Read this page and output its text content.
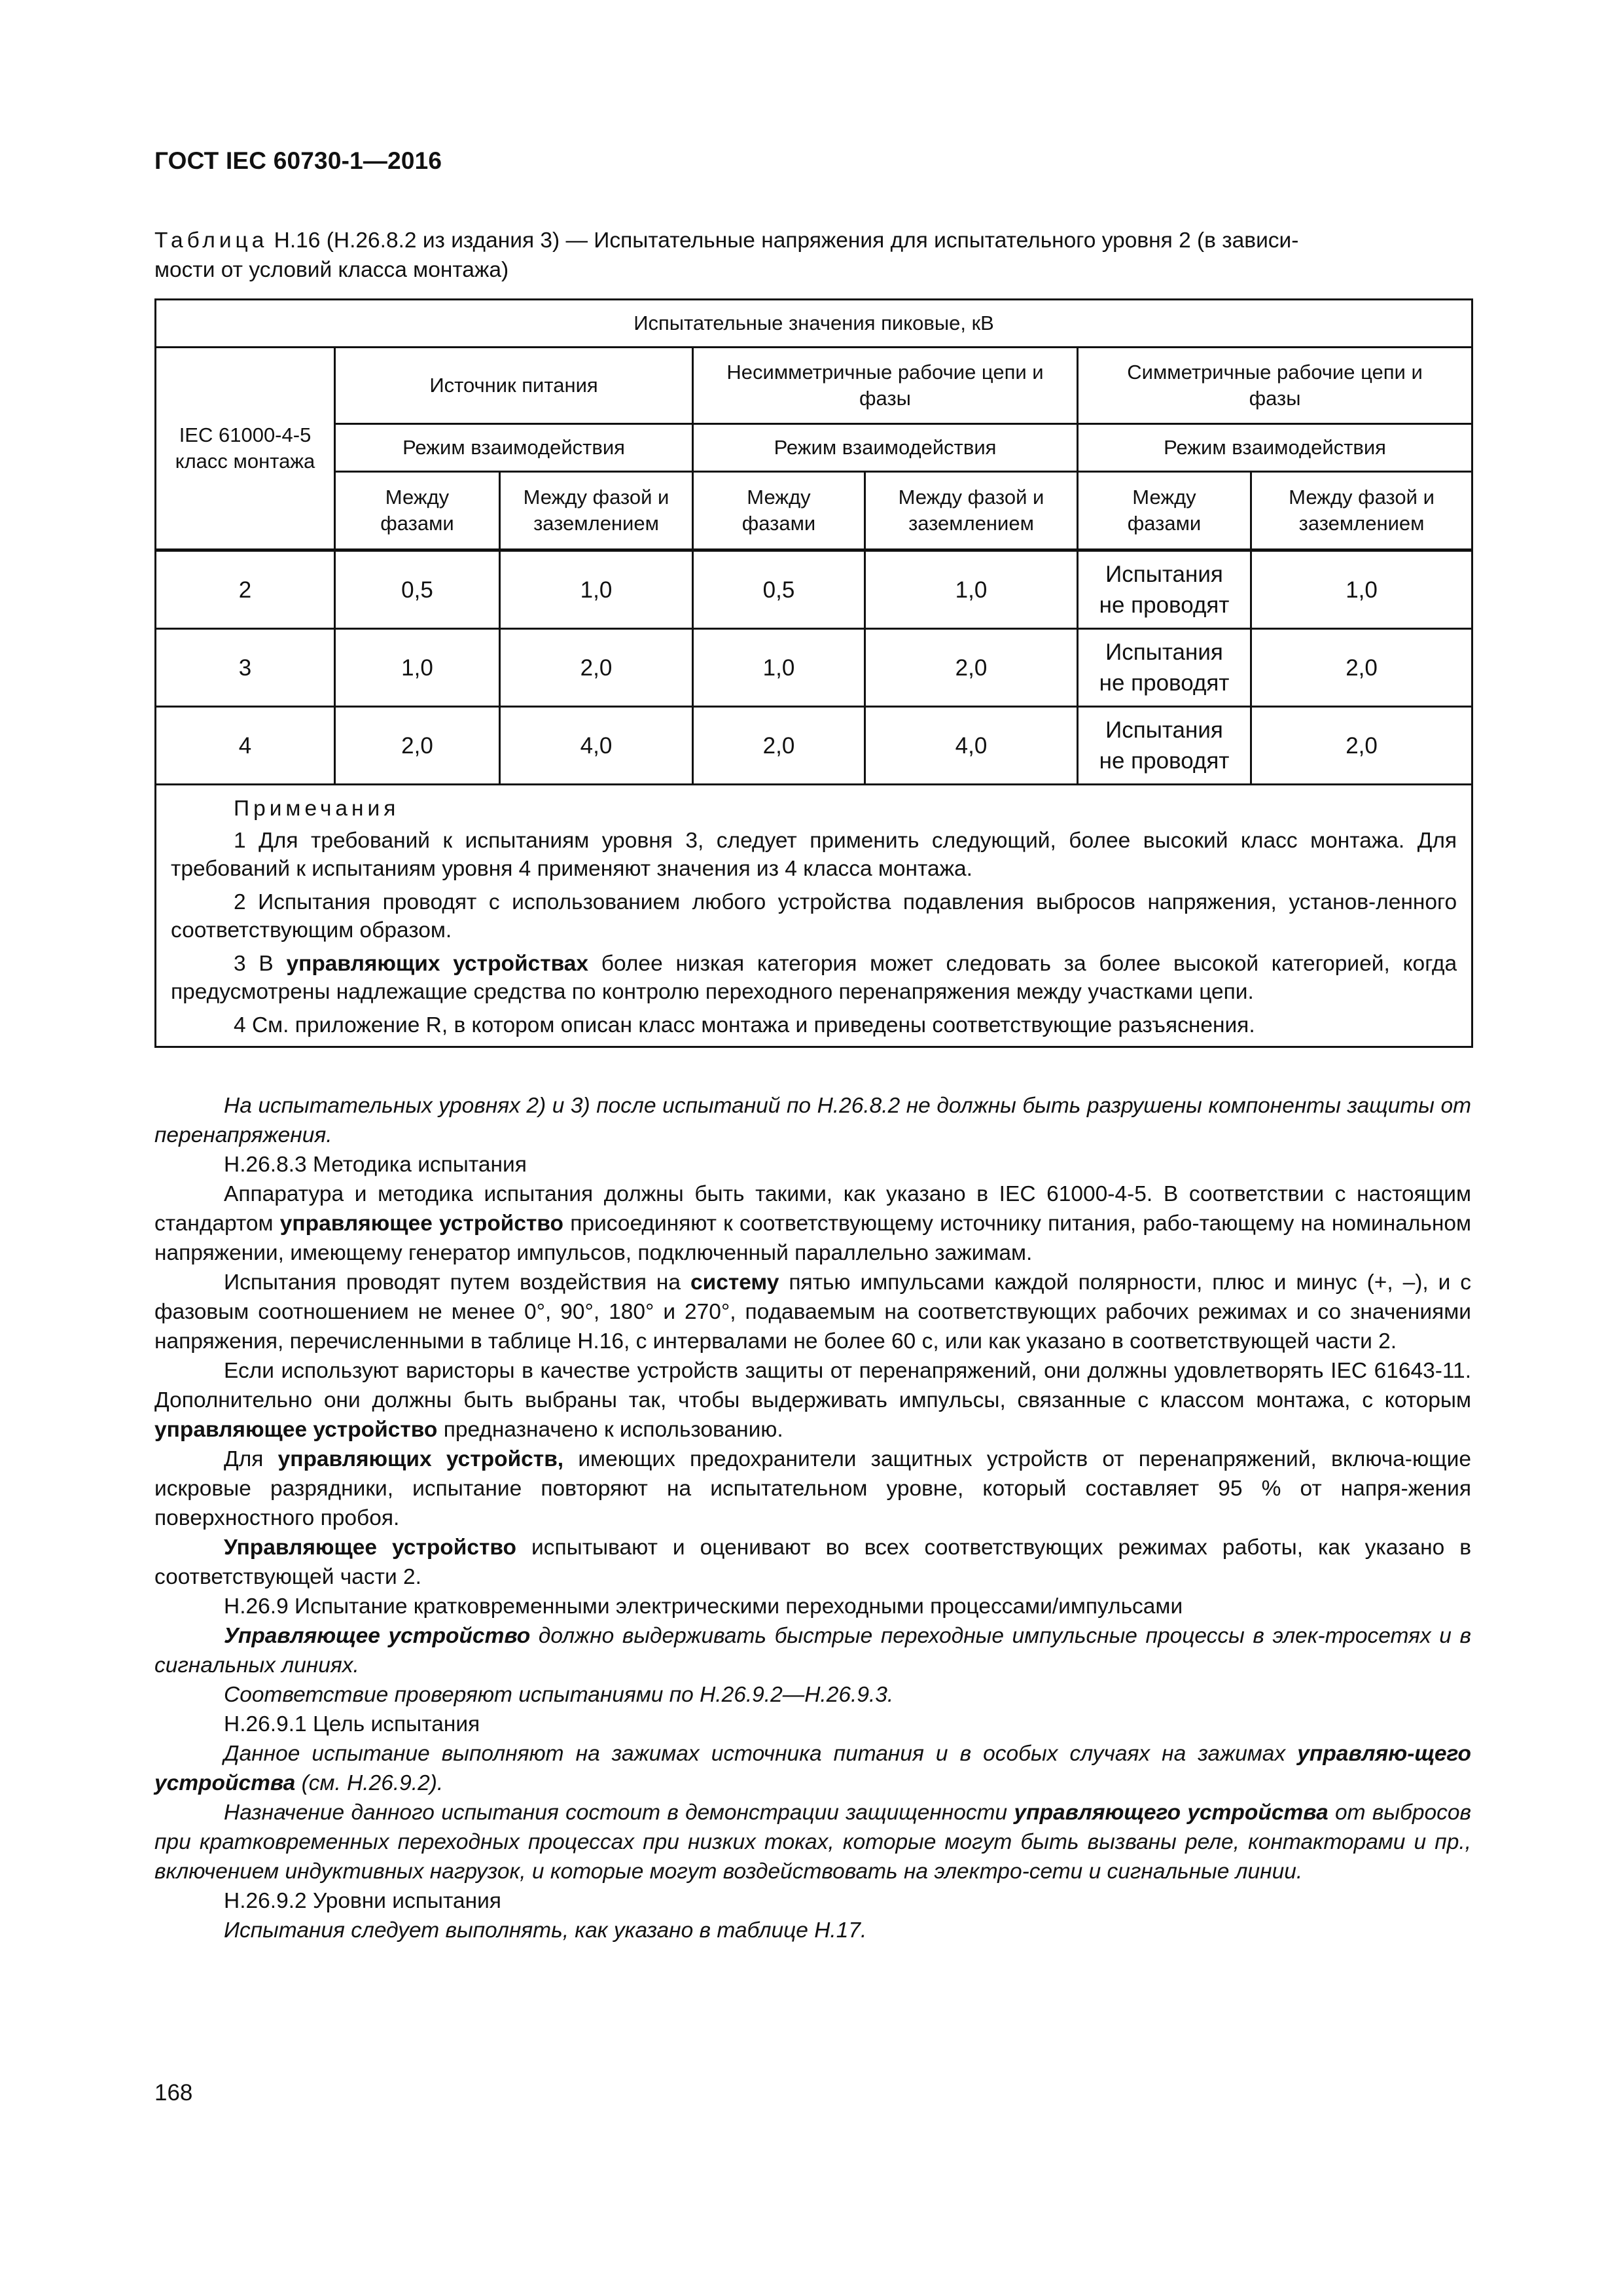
ГОСТ IEC 60730-1—2016
Таблица Н.16 (Н.26.8.2 из издания 3) — Испытательные напряжения для испытательного уровня 2 (в зависи-
мости от условий класса монтажа)
Испытательные значения пиковые, кВ						
IEC 61000-4-5 класс монтажа	Источник питания		Несимметричные рабочие цепи и фазы		Симметричные рабочие цепи и фазы	
	Режим взаимодействия		Режим взаимодействия		Режим взаимодействия	
	Между фазами	Между фазой и заземлением	Между фазами	Между фазой и заземлением	Между фазами	Между фазой и заземлением
2	0,5	1,0	0,5	1,0	Испытания не проводят	1,0
3	1,0	2,0	1,0	2,0	Испытания не проводят	2,0
4	2,0	4,0	2,0	4,0	Испытания не проводят	2,0

Примечания
1 Для требований к испытаниям уровня 3, следует применить следующий, более высокий класс монтажа. Для требований к испытаниям уровня 4 применяют значения из 4 класса монтажа.
2 Испытания проводят с использованием любого устройства подавления выбросов напряжения, установ-ленного соответствующим образом.
3 В управляющих устройствах более низкая категория может следовать за более высокой категорией, когда предусмотрены надлежащие средства по контролю переходного перенапряжения между участками цепи.
4 См. приложение R, в котором описан класс монтажа и приведены соответствующие разъяснения.						

На испытательных уровнях 2) и 3) после испытаний по Н.26.8.2 не должны быть разрушены компоненты защиты от перенапряжения.

Н.26.8.3 Методика испытания

Аппаратура и методика испытания должны быть такими, как указано в IEC 61000-4-5. В соответствии с настоящим стандартом управляющее устройство присоединяют к соответствующему источнику питания, рабо-тающему на номинальном напряжении, имеющему генератор импульсов, подключенный параллельно зажимам.

Испытания проводят путем воздействия на систему пятью импульсами каждой полярности, плюс и минус (+, –), и с фазовым соотношением не менее 0°, 90°, 180° и 270°, подаваемым на соответствующих рабочих режимах и со значениями напряжения, перечисленными в таблице Н.16, с интервалами не более 60 с, или как указано в соответствующей части 2.

Если используют варисторы в качестве устройств защиты от перенапряжений, они должны удовлетворять IEC 61643-11. Дополнительно они должны быть выбраны так, чтобы выдерживать импульсы, связанные с классом монтажа, с которым управляющее устройство предназначено к использованию.

Для управляющих устройств, имеющих предохранители защитных устройств от перенапряжений, включа-ющие искровые разрядники, испытание повторяют на испытательном уровне, который составляет 95 % от напря-жения поверхностного пробоя.

Управляющее устройство испытывают и оценивают во всех соответствующих режимах работы, как указано в соответствующей части 2.

Н.26.9 Испытание кратковременными электрическими переходными процессами/импульсами

Управляющее устройство должно выдерживать быстрые переходные импульсные процессы в элек-тросетях и в сигнальных линиях.

Соответствие проверяют испытаниями по Н.26.9.2—Н.26.9.3.

Н.26.9.1 Цель испытания

Данное испытание выполняют на зажимах источника питания и в особых случаях на зажимах управляю-щего устройства (см. Н.26.9.2).

Назначение данного испытания состоит в демонстрации защищенности управляющего устройства от выбросов при кратковременных переходных процессах при низких токах, которые могут быть вызваны реле, контакторами и пр., включением индуктивных нагрузок, и которые могут воздействовать на электро-сети и сигнальные линии.

Н.26.9.2 Уровни испытания

Испытания следует выполнять, как указано в таблице Н.17.

168
